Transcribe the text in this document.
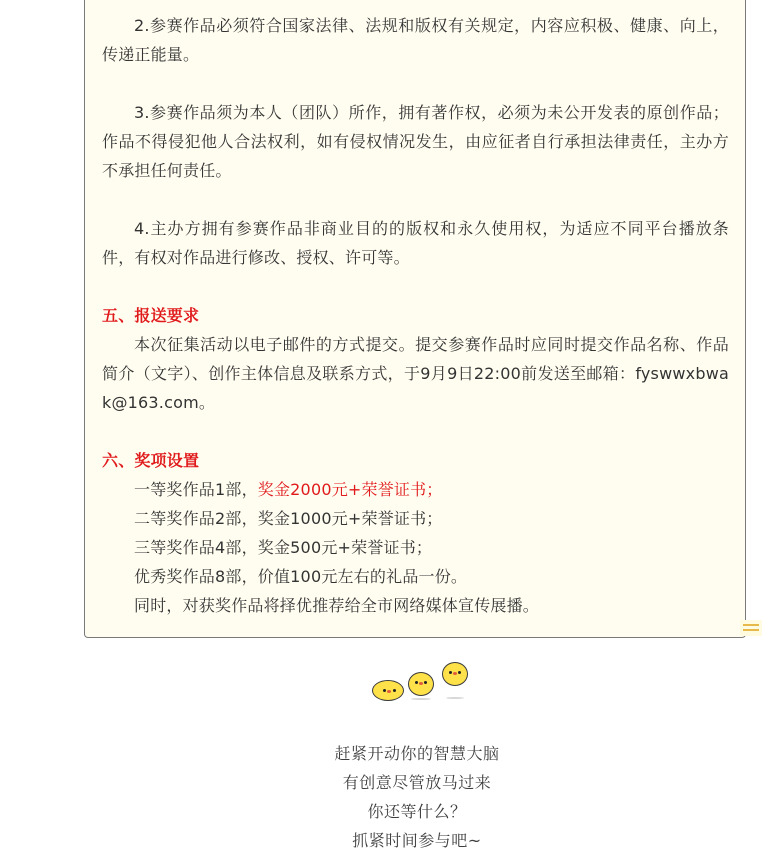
2.参赛作品必须符合国家法律、法规和版权有关规定，内容应积极、健康、向上，传递正能量。

3.参赛作品须为本人（团队）所作，拥有著作权，必须为未公开发表的原创作品；作品不得侵犯他人合法权利，如有侵权情况发生，由应征者自行承担法律责任，主办方不承担任何责任。

4.主办方拥有参赛作品非商业目的的版权和永久使用权，为适应不同平台播放条件，有权对作品进行修改、授权、许可等。

五、报送要求

本次征集活动以电子邮件的方式提交。提交参赛作品时应同时提交作品名称、作品简介（文字）、创作主体信息及联系方式，于9月9日22:00前发送至邮箱：fyswwxbwak@163.com。

六、奖项设置

一等奖作品1部，奖金2000元+荣誉证书；

二等奖作品2部，奖金1000元+荣誉证书；

三等奖作品4部，奖金500元+荣誉证书；

优秀奖作品8部，价值100元左右的礼品一份。

同时，对获奖作品将择优推荐给全市网络媒体宣传展播。

赶紧开动你的智慧大脑

有创意尽管放马过来

你还等什么？

抓紧时间参与吧~
